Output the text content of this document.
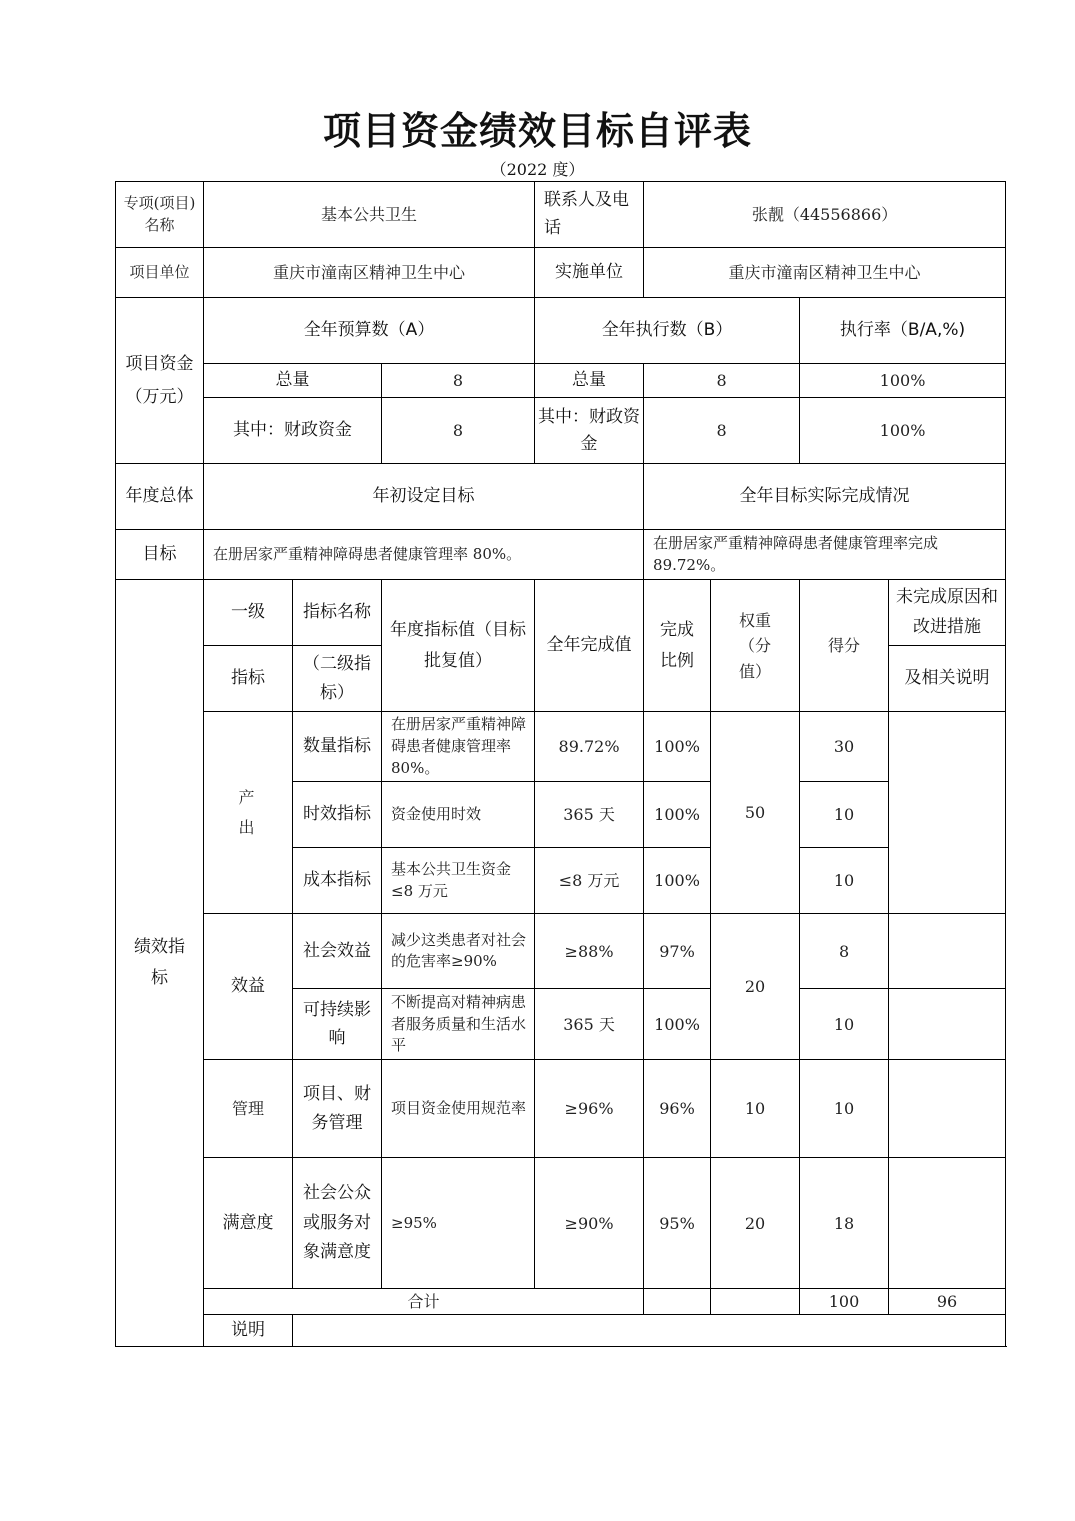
项目资金绩效目标自评表
（2022 度）
专项(项目)名称	基本公共卫生			联系人及电话	张靓（44556866）				
项目单位	重庆市潼南区精神卫生中心			实施单位	重庆市潼南区精神卫生中心				
项目资金（万元）	全年预算数（A）			全年执行数（B）			执行率（B/A,%)		
	总量		8	总量	8		100%		
	其中：财政资金		8	其中：财政资金	8		100%		
年度总体	年初设定目标				全年目标实际完成情况				
目标	在册居家严重精神障碍患者健康管理率 80%。				在册居家严重精神障碍患者健康管理率完成 89.72%。				
绩效指标	一级	指标名称	年度指标值（目标批复值）	全年完成值	完成比例	权重（分值）	得分	未完成原因和改进措施	
	指标	（二级指标）						及相关说明	
	产　出	数量指标	在册居家严重精神障碍患者健康管理率 80%。	89.72%	100%	50	30		
		时效指标	资金使用时效	365 天	100%		10		
		成本指标	基本公共卫生资金≤8 万元	≤8 万元	100%		10		
	效益	社会效益	减少这类患者对社会的危害率≥90%	≥88%	97%	20	8		
		可持续影响	不断提高对精神病患者服务质量和生活水平	365 天	100%		10		
	管理	项目、财务管理	项目资金使用规范率	≥96%	96%	10	10		
	满意度	社会公众或服务对象满意度	≥95%	≥90%	95%	20	18		
	合计						100	96	
	说明								
